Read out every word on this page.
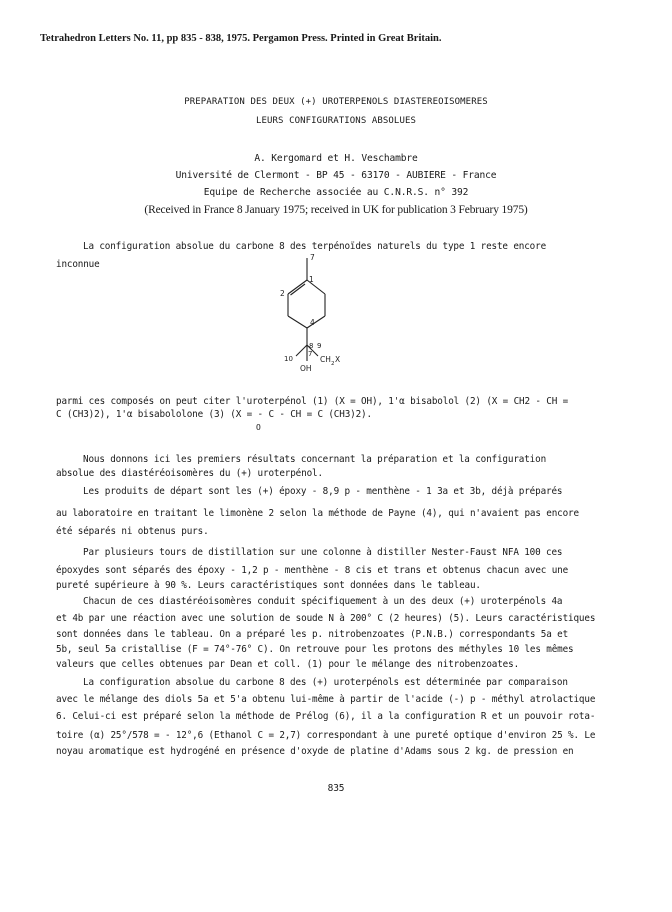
Tetrahedron Letters No. 11, pp 835 - 838, 1975. Pergamon Press. Printed in Great Britain.
PREPARATION DES DEUX (+) UROTERPENOLS DIASTEREOISOMERES
LEURS CONFIGURATIONS ABSOLUES
A. Kergomard et H. Veschambre
Université de Clermont - BP 45 - 63170 - AUBIERE - France
Equipe de Recherche associée au C.N.R.S. n° 392
(Received in France 8 January 1975; received in UK for publication 3 February 1975)
La configuration absolue du carbone 8 des terpénoïdes naturels du type 1 reste encore
inconnue
7
1
2
4
8 9
10
7
CH 2 X
OH
parmi ces composés on peut citer l'uroterpénol (1) (X = OH), 1'α bisabolol (2) (X = CH2 - CH =
C (CH3)2), 1'α bisabololone (3) (X = - C - CH = C (CH3)2).
O
Nous donnons ici les premiers résultats concernant la préparation et la configuration
absolue des diastéréoisomères du (+) uroterpénol.
Les produits de départ sont les (+) époxy - 8,9 p - menthène - 1 3a et 3b, déjà préparés
au laboratoire en traitant le limonène 2 selon la méthode de Payne (4), qui n'avaient pas encore
été séparés ni obtenus purs.
Par plusieurs tours de distillation sur une colonne à distiller Nester-Faust NFA 100 ces
époxydes sont séparés des époxy - 1,2 p - menthène - 8 cis et trans et obtenus chacun avec une
pureté supérieure à 90 %. Leurs caractéristiques sont données dans le tableau.
Chacun de ces diastéréoisomères conduit spécifiquement à un des deux (+) uroterpénols 4a
et 4b par une réaction avec une solution de soude N à 200° C (2 heures) (5). Leurs caractéristiques
sont données dans le tableau. On a préparé les p. nitrobenzoates (P.N.B.) correspondants 5a et
5b, seul 5a cristallise (F = 74°-76° C). On retrouve pour les protons des méthyles 10 les mêmes
valeurs que celles obtenues par Dean et coll. (1) pour le mélange des nitrobenzoates.
La configuration absolue du carbone 8 des (+) uroterpénols est déterminée par comparaison
avec le mélange des diols 5a et 5'a obtenu lui-même à partir de l'acide (-) p - méthyl atrolactique
6. Celui-ci est préparé selon la méthode de Prélog (6), il a la configuration R et un pouvoir rota-
toire (α) 25°/578 = - 12°,6 (Ethanol C = 2,7) correspondant à une pureté optique d'environ 25 %. Le
noyau aromatique est hydrogéné en présence d'oxyde de platine d'Adams sous 2 kg. de pression en
835
